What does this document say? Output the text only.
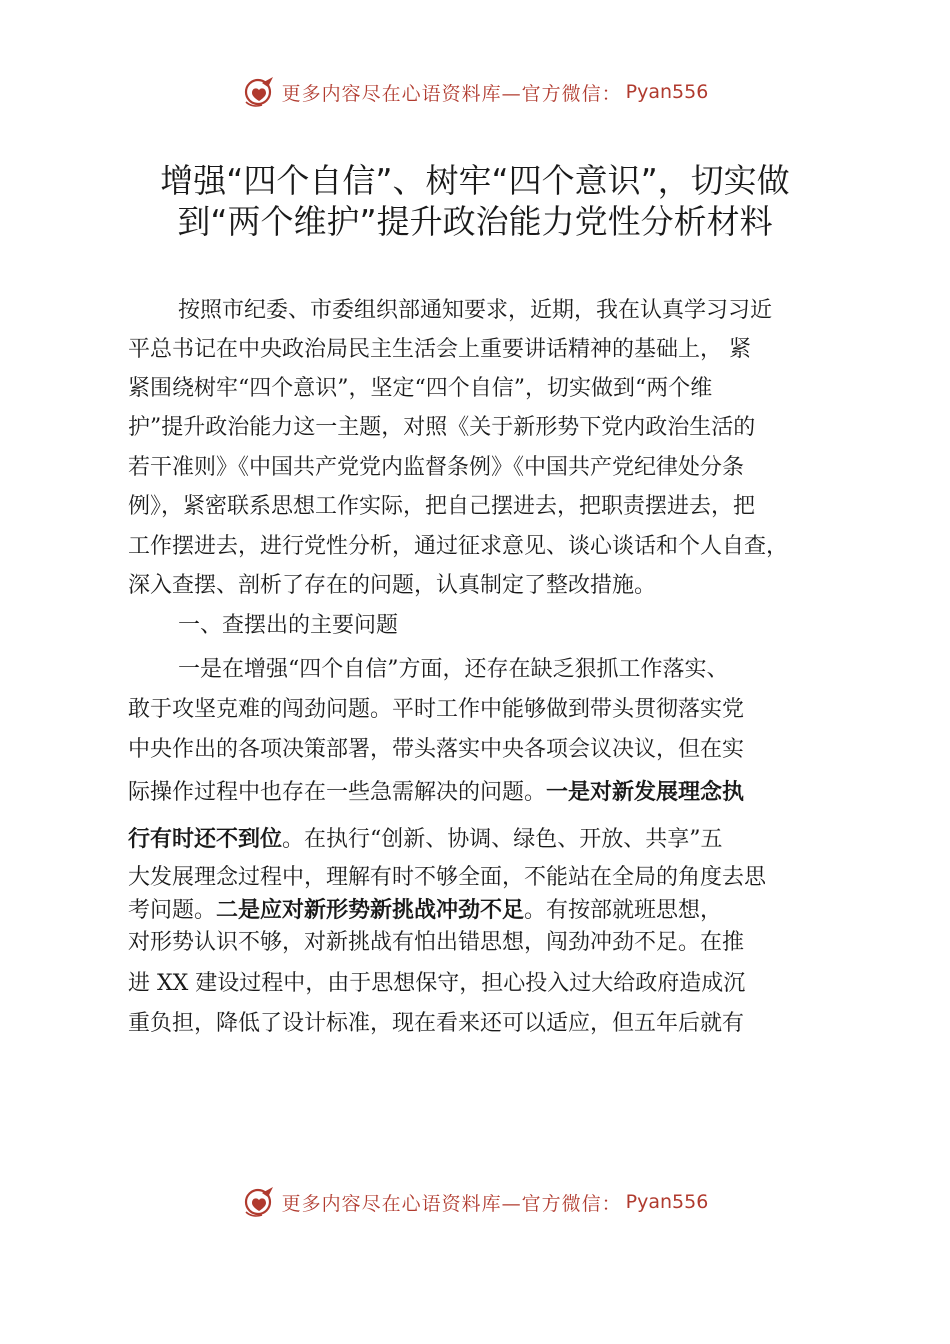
更多内容尽在心语资料库—官方微信： Pyan556
增强“四个自信”、树牢“四个意识”，切实做
到“两个维护”提升政治能力党性分析材料
按照市纪委、市委组织部通知要求，近期，我在认真学习习近
平总书记在中央政治局民主生活会上重要讲话精神的基础上， 紧
紧围绕树牢“四个意识”，坚定“四个自信”，切实做到“两个维
护”提升政治能力这一主题，对照《关于新形势下党内政治生活的
若干准则》《中国共产党党内监督条例》《中国共产党纪律处分条
例》，紧密联系思想工作实际，把自己摆进去，把职责摆进去，把
工作摆进去，进行党性分析，通过征求意见、谈心谈话和个人自查，
深入查摆、剖析了存在的问题，认真制定了整改措施。
一、查摆出的主要问题
一是在增强“四个自信”方面，还存在缺乏狠抓工作落实、
敢于攻坚克难的闯劲问题。平时工作中能够做到带头贯彻落实党
中央作出的各项决策部署，带头落实中央各项会议决议，但在实
际操作过程中也存在一些急需解决的问题。一是对新发展理念执
行有时还不到位。在执行“创新、协调、绿色、开放、共享”五
大发展理念过程中，理解有时不够全面，不能站在全局的角度去思
考问题。二是应对新形势新挑战冲劲不足。有按部就班思想，
对形势认识不够，对新挑战有怕出错思想，闯劲冲劲不足。在推
进 XX 建设过程中，由于思想保守，担心投入过大给政府造成沉
重负担，降低了设计标准，现在看来还可以适应，但五年后就有
更多内容尽在心语资料库—官方微信： Pyan556
